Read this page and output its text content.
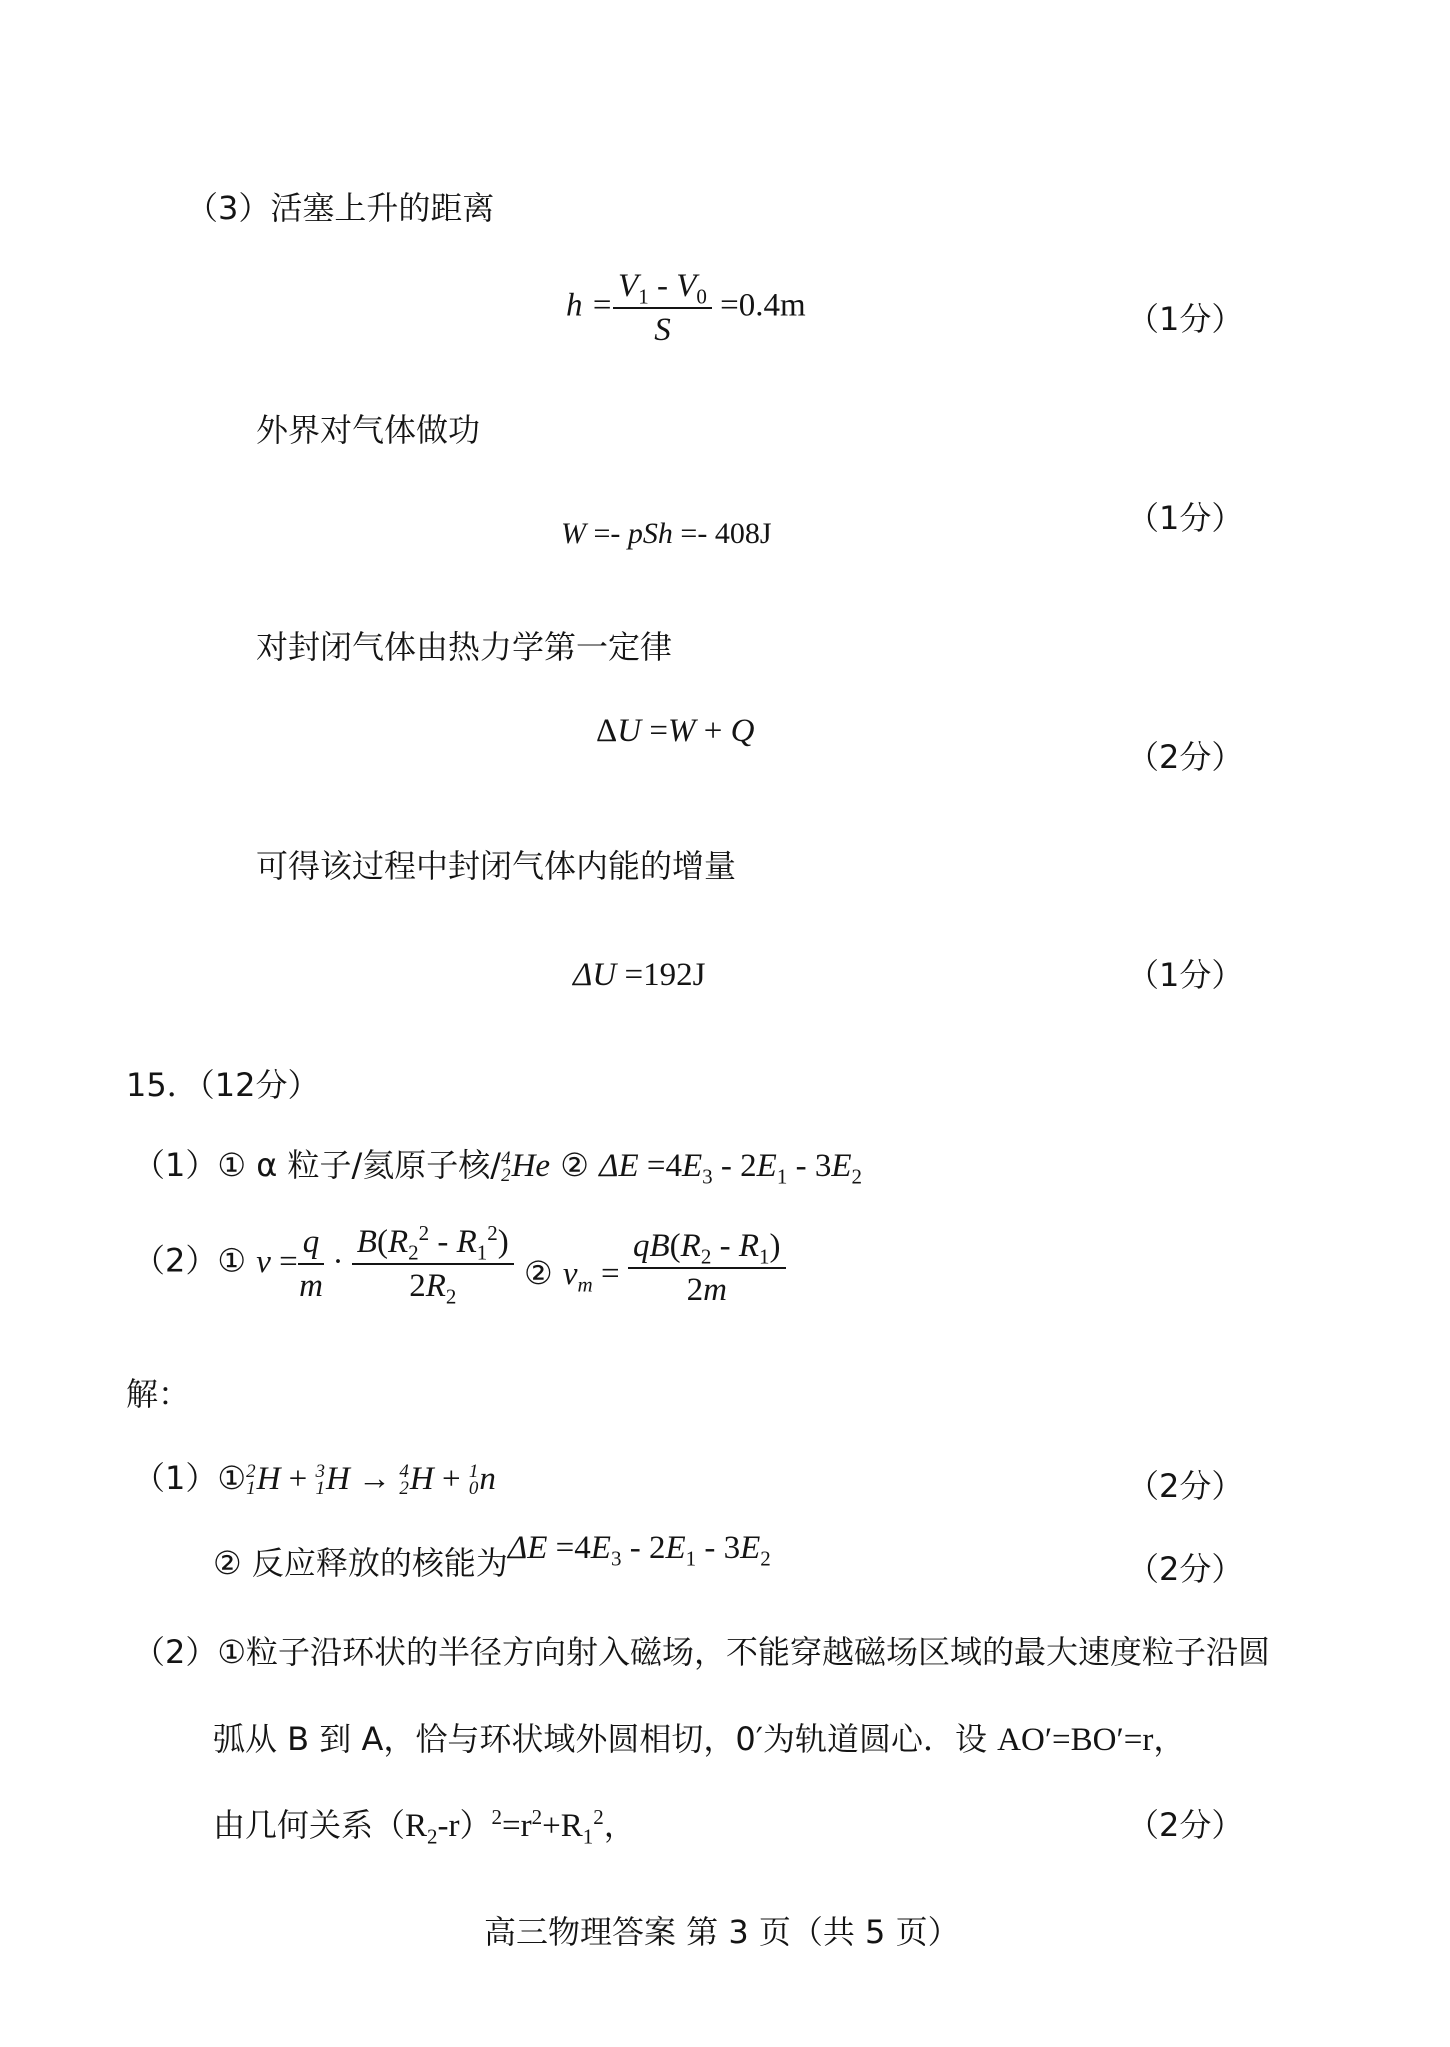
（3）活塞上升的距离
$h = \frac{V_1 - V_0}{S} =0.4m$	（1分）
外界对气体做功
W =- pSh =- 408J	（1分）
对封闭气体由热力学第一定律
ΔU =W + Q
（2分）
可得该过程中封闭气体内能的增量
ΔU =192J	（1分）
15．（12分）
（1）① α 粒子/氦原子核/ 4
2 He ② $\Delta E =4E_3 - 2E_1 - 3E_2$
（2）① $v = \frac{q}{m} \cdot \frac{B(R_2^2 - R_1^2)}{2R_2}$ ② $v_m = \frac{qB(R_2 - R_1)}{2m}$
解：
（1）① 2
1 H + 3
1 H → 4
2 H + 1
0 n	（2分）
② 反应释放的核能为$\Delta E =4E_3 - 2E_1 - 3E_2$	（2分）
（2）①粒子沿环状的半径方向射入磁场，不能穿越磁场区域的最大速度粒子沿圆
弧从 B 到 A，恰与环状域外圆相切，0′为轨道圆心．设 AO′=BO′=r，
由几何关系$(R_2-r)^2=r^2+R_1^2$，	（2分）
高三物理答案 第 3 页（共 5 页）
